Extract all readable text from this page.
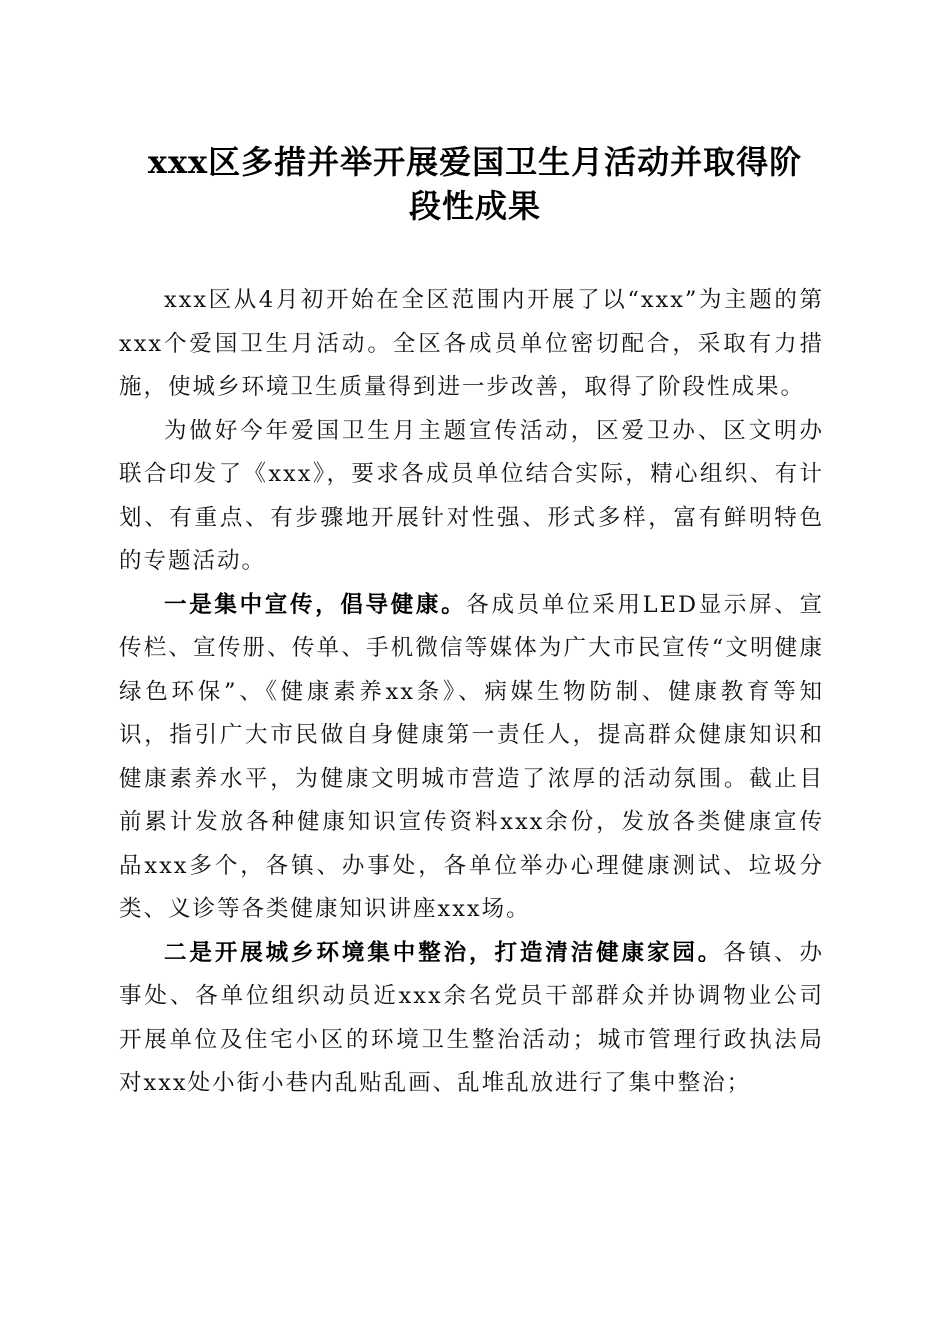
xxx区多措并举开展爱国卫生月活动并取得阶
段性成果

xxx区从4月初开始在全区范围内开展了以“xxx”为主题的第xxx个爱国卫生月活动。全区各成员单位密切配合，采取有力措施，使城乡环境卫生质量得到进一步改善，取得了阶段性成果。

为做好今年爱国卫生月主题宣传活动，区爱卫办、区文明办联合印发了《xxx》，要求各成员单位结合实际，精心组织、有计划、有重点、有步骤地开展针对性强、形式多样，富有鲜明特色的专题活动。

一是集中宣传，倡导健康。各成员单位采用LED显示屏、宣传栏、宣传册、传单、手机微信等媒体为广大市民宣传“文明健康绿色环保”、《健康素养xx条》、病媒生物防制、健康教育等知识，指引广大市民做自身健康第一责任人，提高群众健康知识和健康素养水平，为健康文明城市营造了浓厚的活动氛围。截止目前累计发放各种健康知识宣传资料xxx余份，发放各类健康宣传品xxx多个，各镇、办事处，各单位举办心理健康测试、垃圾分类、义诊等各类健康知识讲座xxx场。

二是开展城乡环境集中整治，打造清洁健康家园。各镇、办事处、各单位组织动员近xxx余名党员干部群众并协调物业公司开展单位及住宅小区的环境卫生整治活动；城市管理行政执法局对xxx处小街小巷内乱贴乱画、乱堆乱放进行了集中整治；
